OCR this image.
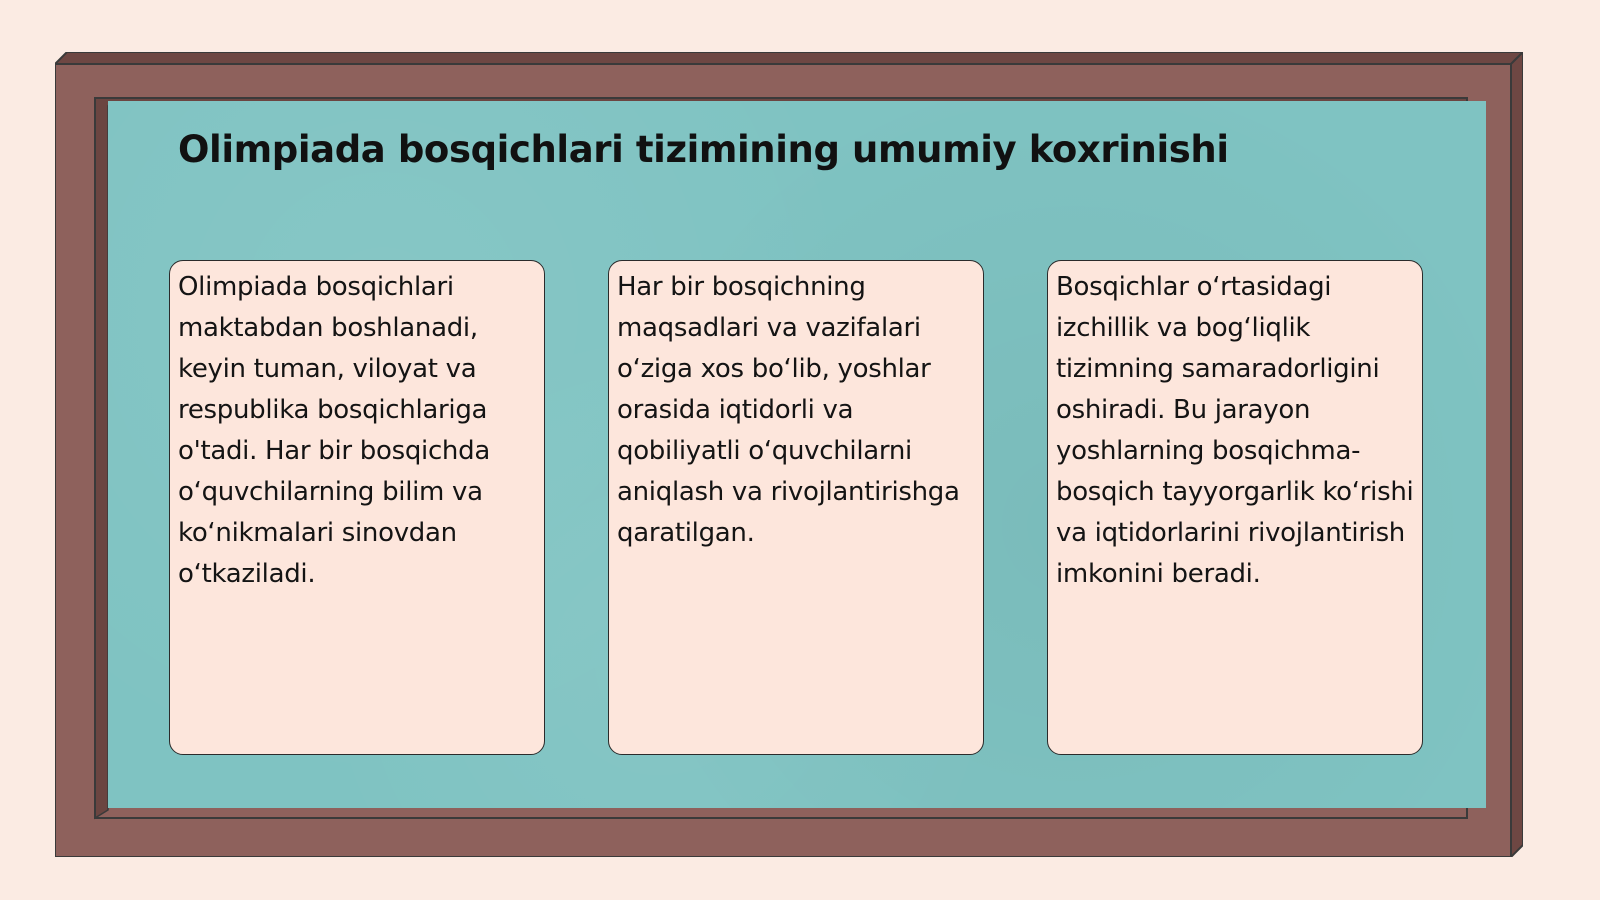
Olimpiada bosqichlari tizimining umumiy koxrinishi

Olimpiada bosqichlari maktabdan boshlanadi, keyin tuman, viloyat va respublika bosqichlariga o'tadi. Har bir bosqichda o‘quvchilarning bilim va ko‘nikmalari sinovdan o‘tkaziladi.

Har bir bosqichning maqsadlari va vazifalari o‘ziga xos bo‘lib, yoshlar orasida iqtidorli va qobiliyatli o‘quvchilarni aniqlash va rivojlantirishga qaratilgan.

Bosqichlar o‘rtasidagi izchillik va bog‘liqlik tizimning samaradorligini oshiradi. Bu jarayon yoshlarning bosqichma-bosqich tayyorgarlik ko‘rishi va iqtidorlarini rivojlantirish imkonini beradi.
